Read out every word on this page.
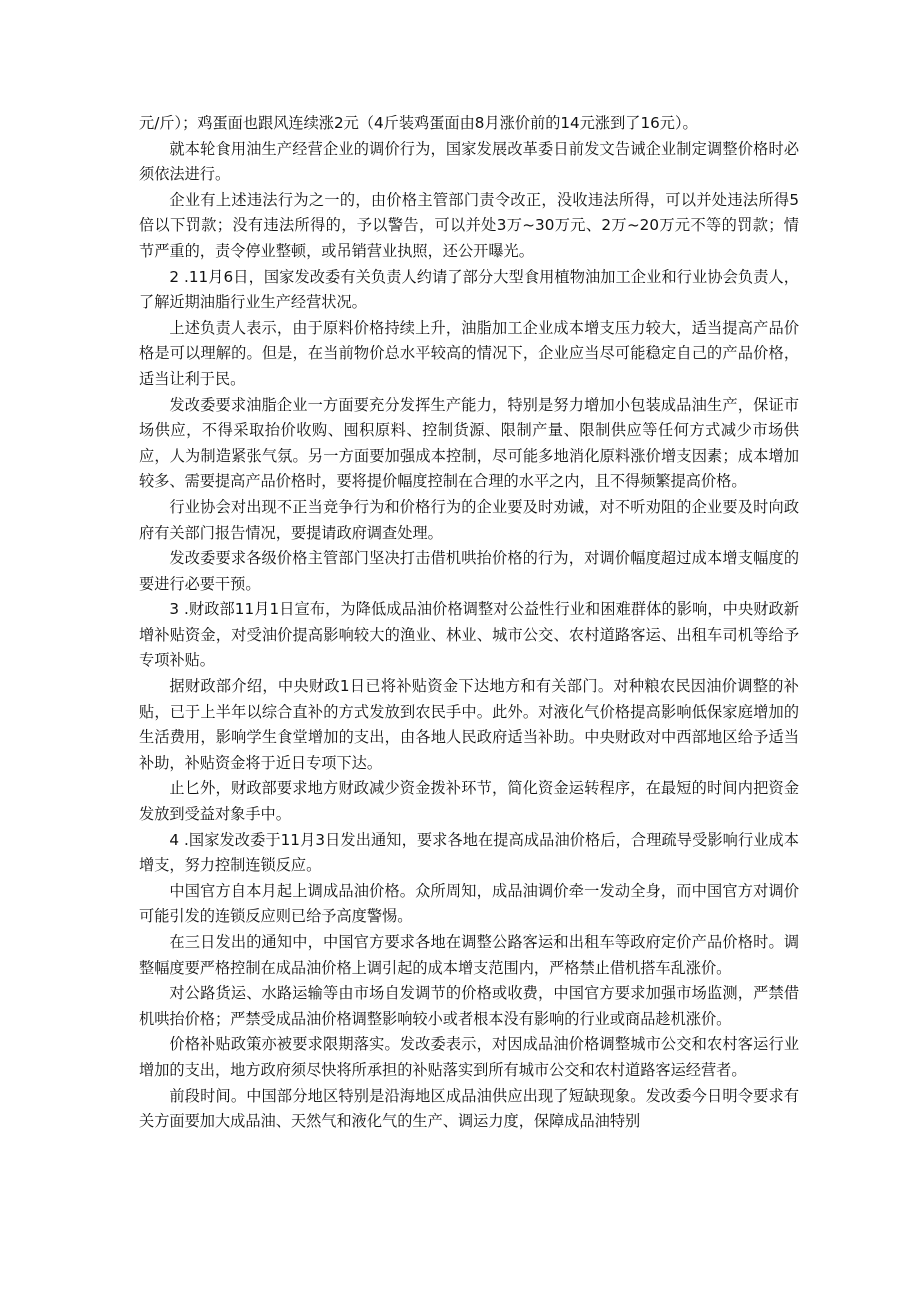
元/斤）；鸡蛋面也跟风连续涨2元（4斤装鸡蛋面由8月涨价前的14元涨到了16元）。

就本轮食用油生产经营企业的调价行为，国家发展改革委日前发文告诫企业制定调整价格时必须依法进行。

企业有上述违法行为之一的，由价格主管部门责令改正，没收违法所得，可以并处违法所得5倍以下罚款；没有违法所得的，予以警告，可以并处3万~30万元、2万~20万元不等的罚款；情节严重的，责令停业整顿，或吊销营业执照，还公开曝光。

2 .11月6日，国家发改委有关负责人约请了部分大型食用植物油加工企业和行业协会负责人，了解近期油脂行业生产经营状况。

上述负责人表示，由于原料价格持续上升，油脂加工企业成本增支压力较大，适当提高产品价格是可以理解的。但是，在当前物价总水平较高的情况下，企业应当尽可能稳定自己的产品价格，适当让利于民。

发改委要求油脂企业一方面要充分发挥生产能力，特别是努力增加小包装成品油生产，保证市场供应，不得采取抬价收购、囤积原料、控制货源、限制产量、限制供应等任何方式减少市场供应，人为制造紧张气氛。另一方面要加强成本控制，尽可能多地消化原料涨价增支因素；成本增加较多、需要提高产品价格时，要将提价幅度控制在合理的水平之内，且不得频繁提高价格。

行业协会对出现不正当竞争行为和价格行为的企业要及时劝诫，对不听劝阻的企业要及时向政府有关部门报告情况，要提请政府调查处理。

发改委要求各级价格主管部门坚决打击借机哄抬价格的行为，对调价幅度超过成本增支幅度的要进行必要干预。

3 .财政部11月1日宣布，为降低成品油价格调整对公益性行业和困难群体的影响，中央财政新增补贴资金，对受油价提高影响较大的渔业、林业、城市公交、农村道路客运、出租车司机等给予专项补贴。

据财政部介绍，中央财政1日已将补贴资金下达地方和有关部门。对种粮农民因油价调整的补贴，已于上半年以综合直补的方式发放到农民手中。此外。对液化气价格提高影响低保家庭增加的生活费用，影响学生食堂增加的支出，由各地人民政府适当补助。中央财政对中西部地区给予适当补助，补贴资金将于近日专项下达。

止匕外，财政部要求地方财政减少资金拨补环节，简化资金运转程序，在最短的时间内把资金发放到受益对象手中。

4 .国家发改委于11月3日发出通知，要求各地在提高成品油价格后，合理疏导受影响行业成本增支，努力控制连锁反应。

中国官方自本月起上调成品油价格。众所周知，成品油调价牵一发动全身，而中国官方对调价可能引发的连锁反应则已给予高度警惕。

在三日发出的通知中，中国官方要求各地在调整公路客运和出租车等政府定价产品价格时。调整幅度要严格控制在成品油价格上调引起的成本增支范围内，严格禁止借机搭车乱涨价。

对公路货运、水路运输等由市场自发调节的价格或收费，中国官方要求加强市场监测，严禁借机哄抬价格；严禁受成品油价格调整影响较小或者根本没有影响的行业或商品趁机涨价。

价格补贴政策亦被要求限期落实。发改委表示，对因成品油价格调整城市公交和农村客运行业增加的支出，地方政府须尽快将所承担的补贴落实到所有城市公交和农村道路客运经营者。

前段时间。中国部分地区特别是沿海地区成品油供应出现了短缺现象。发改委今日明令要求有关方面要加大成品油、天然气和液化气的生产、调运力度，保障成品油特别
